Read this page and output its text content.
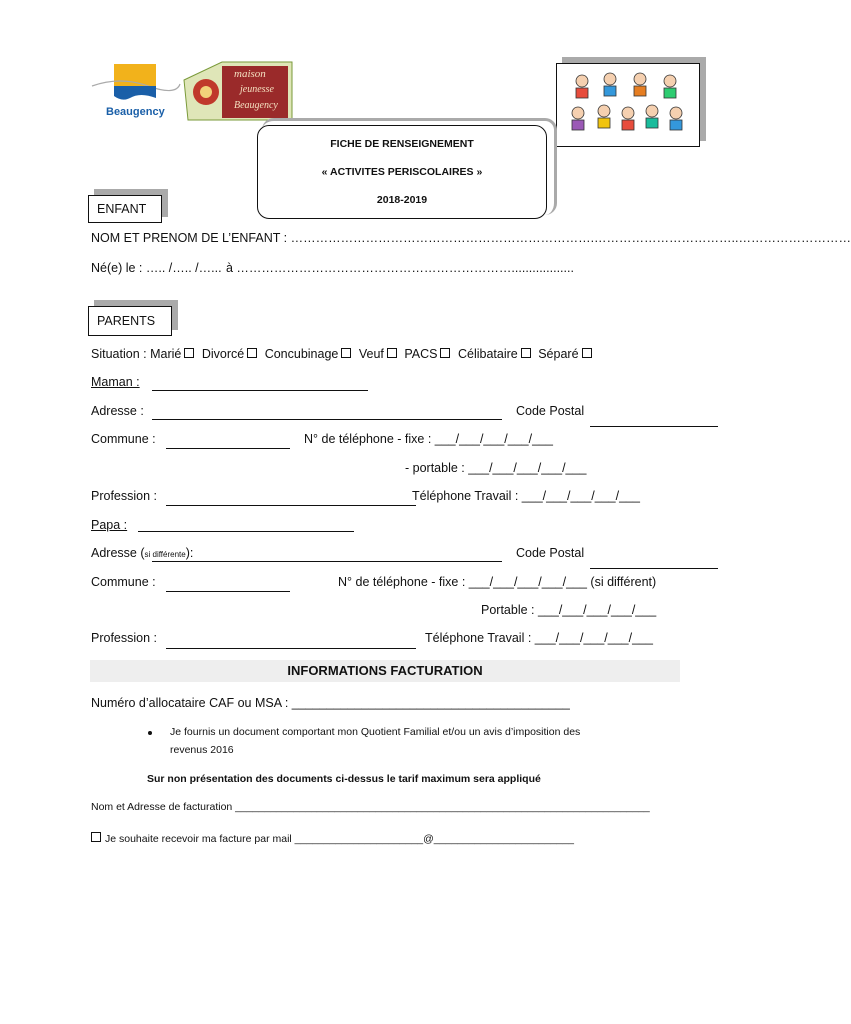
Ville de
Beaugency
maison
jeunesse
Beaugency
FICHE DE RENSEIGNEMENT
« ACTIVITES PERISCOLAIRES »
2018-2019
ENFANT
NOM ET PRENOM DE L’ENFANT : ……………………………………………………………….……………………………..………………………
Né(e) le : ….. /….. /…... à …………………………………………………………..................
PARENTS
Situation : Marié Divorcé Concubinage Veuf PACS Célibataire Séparé
Maman :
Adresse :	Code Postal
Commune :	N° de téléphone - fixe : ___/___/___/___/___
- portable : ___/___/___/___/___
Profession :	Téléphone Travail : ___/___/___/___/___
Papa :
Adresse (si différente):	Code Postal
Commune :	N° de téléphone - fixe : ___/___/___/___/___ (si différent)
Portable : ___/___/___/___/___
Profession :	Téléphone Travail : ___/___/___/___/___
INFORMATIONS FACTURATION
Numéro d’allocataire CAF ou MSA : ________________________________________
Je fournis un document comportant mon Quotient Familial et/ou un avis d’imposition des
revenus 2016
Sur non présentation des documents ci-dessus le tarif maximum sera appliqué
Nom et Adresse de facturation _______________________________________________________________________
Je souhaite recevoir ma facture par mail ______________________@________________________
